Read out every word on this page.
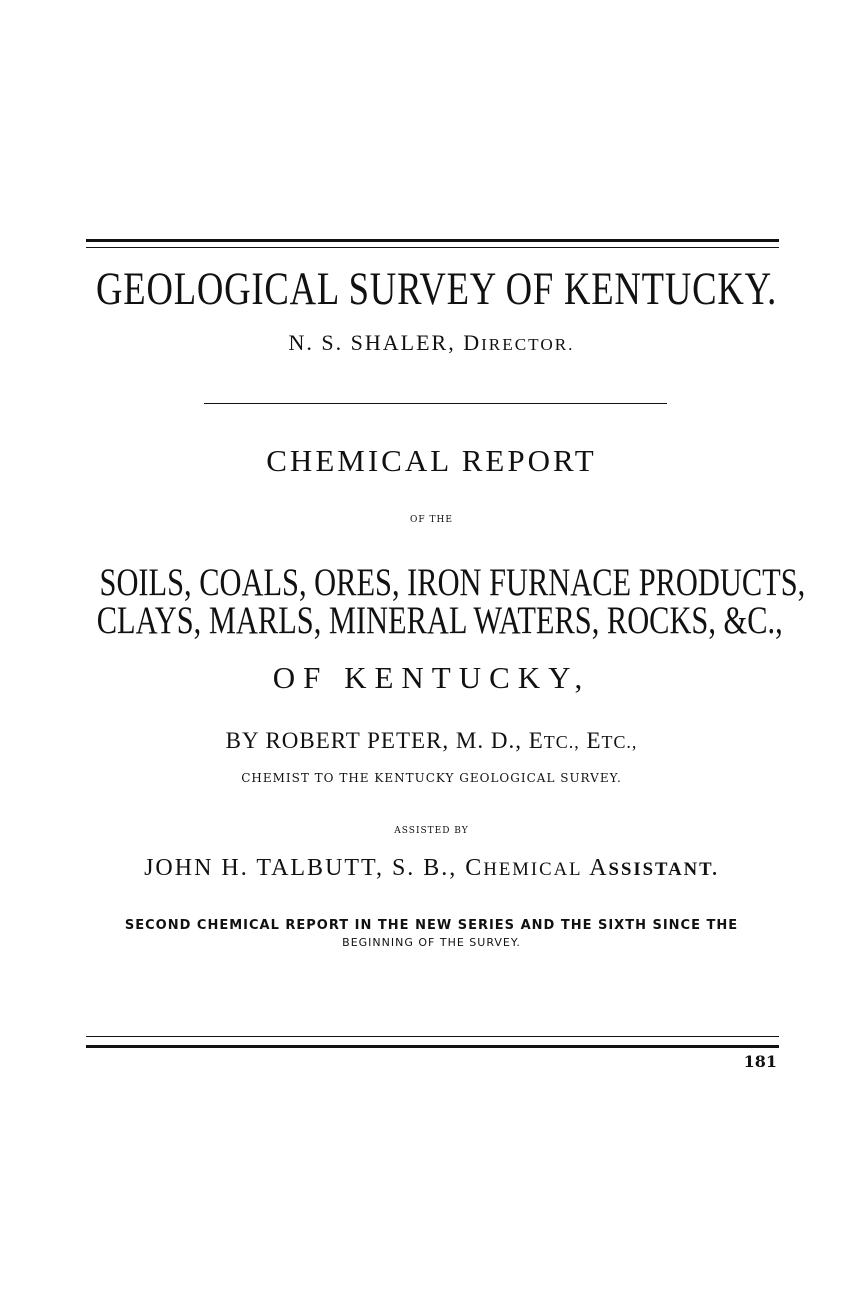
GEOLOGICAL SURVEY OF KENTUCKY.
N. S. SHALER, DIRECTOR.
CHEMICAL REPORT
OF THE
SOILS, COALS, ORES, IRON FURNACE PRODUCTS,
CLAYS, MARLS, MINERAL WATERS, ROCKS, &C.,
OF KENTUCKY,
BY ROBERT PETER, M. D., ETC., ETC.,
CHEMIST TO THE KENTUCKY GEOLOGICAL SURVEY.
ASSISTED BY
JOHN H. TALBUTT, S. B., CHEMICAL ASSISTANT.
SECOND CHEMICAL REPORT IN THE NEW SERIES AND THE SIXTH SINCE THE
BEGINNING OF THE SURVEY.
181
